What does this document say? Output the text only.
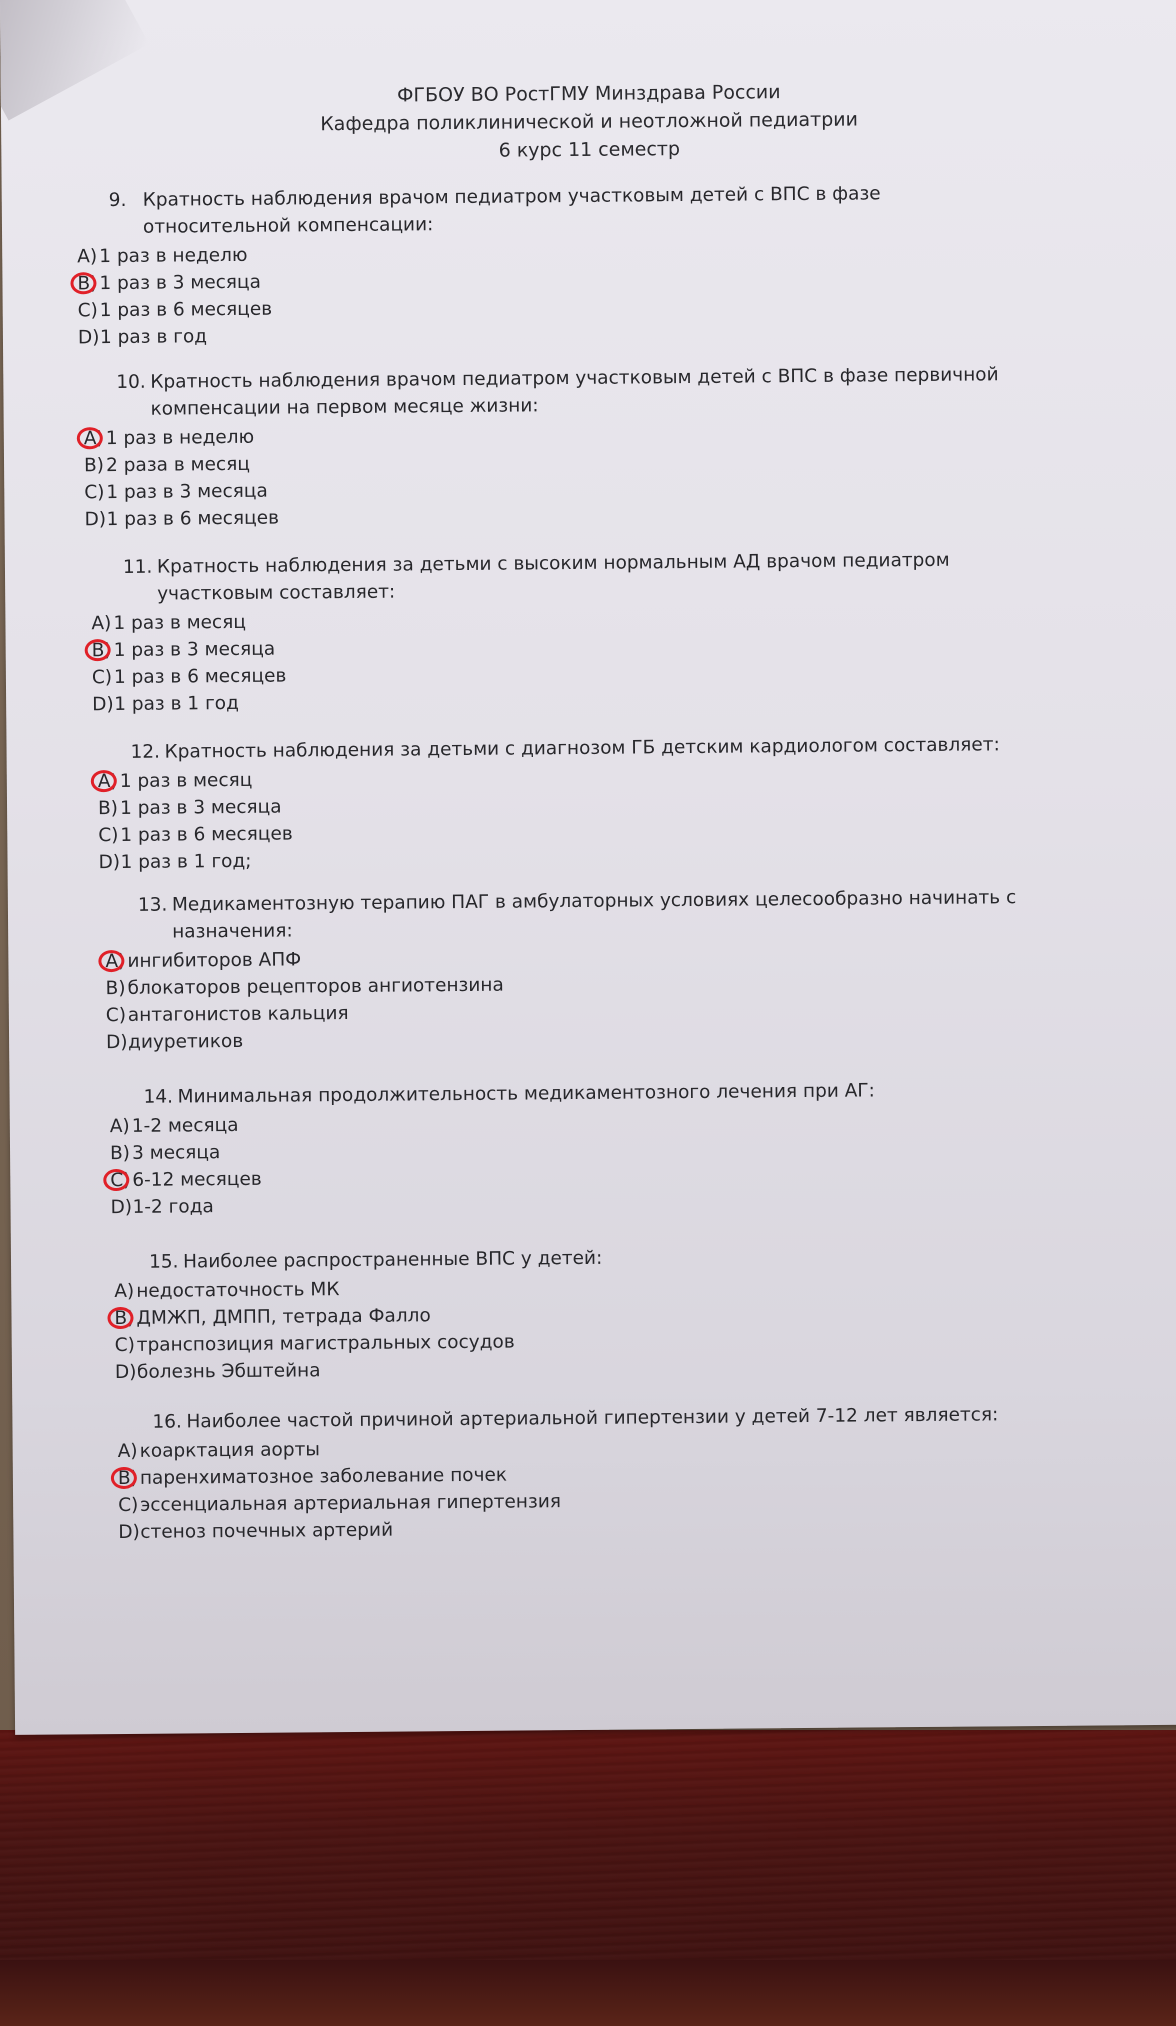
ФГБОУ ВО РостГМУ Минздрава России
Кафедра поликлинической и неотложной педиатрии
6 курс 11 семестр
9. Кратность наблюдения врачом педиатром участковым детей с ВПС в фазе относительной компенсации:
A) 1 раз в неделю
B) 1 раз в 3 месяца
C)1 раз в 6 месяцев
D)1 раз в год
10. Кратность наблюдения врачом педиатром участковым детей с ВПС в фазе первичной компенсации на первом месяце жизни:
A) 1 раз в неделю
B) 2 раза в месяц
C)1 раз в 3 месяца
D)1 раз в 6 месяцев
11. Кратность наблюдения за детьми с высоким нормальным АД врачом педиатром участковым составляет:
A) 1 раз в месяц
B) 1 раз в 3 месяца
C)1 раз в 6 месяцев
D)1 раз в 1 год
12. Кратность наблюдения за детьми с диагнозом ГБ детским кардиологом составляет:
A) 1 раз в месяц
B) 1 раз в 3 месяца
C)1 раз в 6 месяцев
D)1 раз в 1 год;
13. Медикаментозную терапию ПАГ в амбулаторных условиях целесообразно начинать с назначения:
A) ингибиторов АПФ
B) блокаторов рецепторов ангиотензина
C)антагонистов кальция
D)диуретиков
14. Минимальная продолжительность медикаментозного лечения при АГ:
A) 1-2 месяца
B) 3 месяца
C)6-12 месяцев
D)1-2 года
15. Наиболее распространенные ВПС у детей:
A) недостаточность МК
B) ДМЖП, ДМПП, тетрада Фалло
C)транспозиция магистральных сосудов
D)болезнь Эбштейна
16. Наиболее частой причиной артериальной гипертензии у детей 7-12 лет является:
A) коарктация аорты
B) паренхиматозное заболевание почек
C)эссенциальная артериальная гипертензия
D)стеноз почечных артерий
